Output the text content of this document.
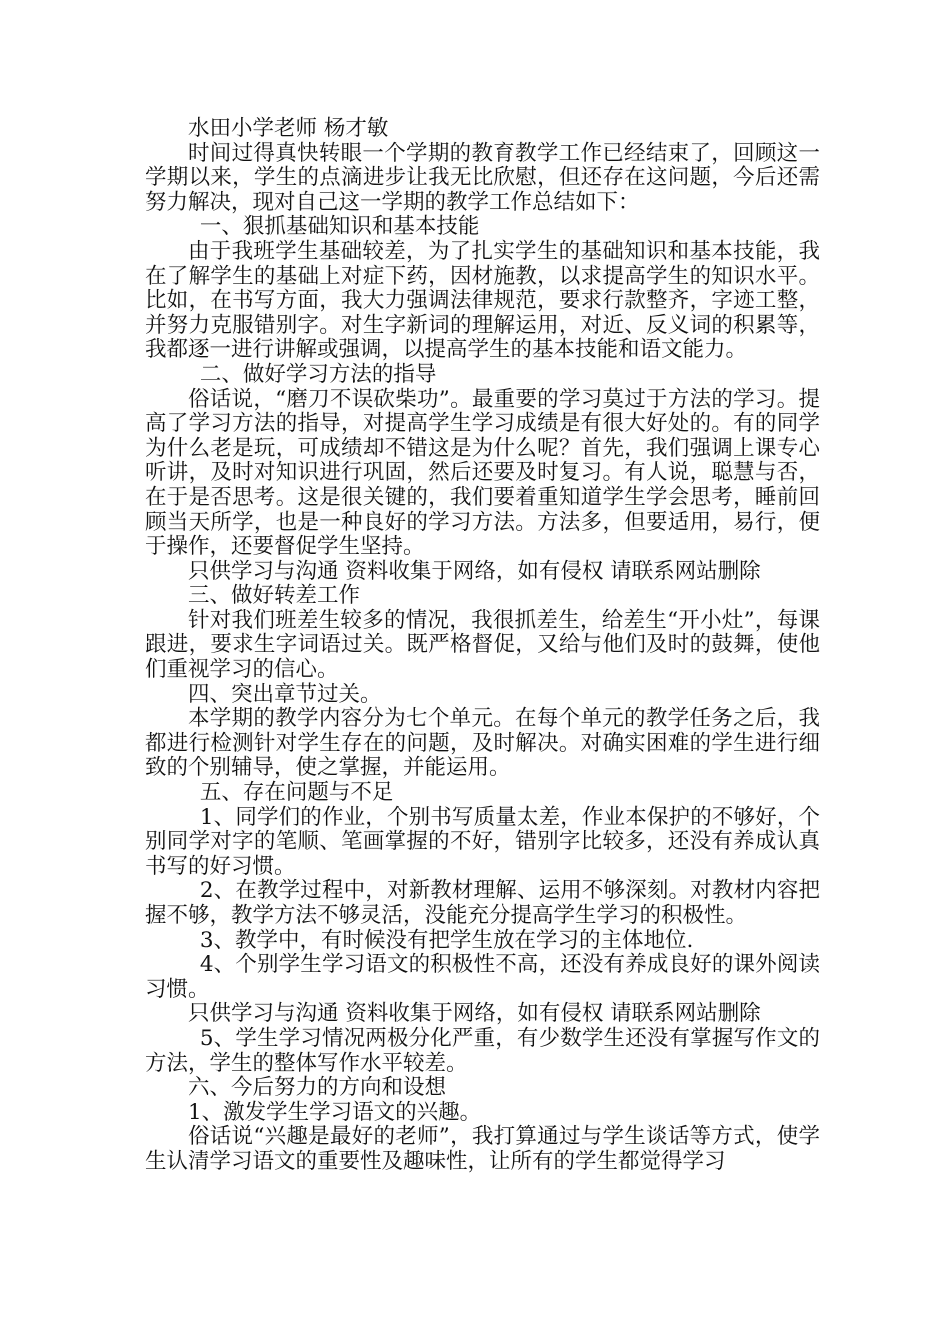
水田小学老师 杨才敏

时间过得真快转眼一个学期的教育教学工作已经结束了，回顾这一学期以来，学生的点滴进步让我无比欣慰，但还存在这问题，今后还需努力解决，现对自己这一学期的教学工作总结如下：

一、狠抓基础知识和基本技能

由于我班学生基础较差，为了扎实学生的基础知识和基本技能，我在了解学生的基础上对症下药，因材施教，以求提高学生的知识水平。比如，在书写方面，我大力强调法律规范，要求行款整齐，字迹工整，并努力克服错别字。对生字新词的理解运用，对近、反义词的积累等，我都逐一进行讲解或强调，以提高学生的基本技能和语文能力。

二、做好学习方法的指导

俗话说，“磨刀不误砍柴功”。最重要的学习莫过于方法的学习。提高了学习方法的指导，对提高学生学习成绩是有很大好处的。有的同学为什么老是玩，可成绩却不错这是为什么呢？首先，我们强调上课专心听讲，及时对知识进行巩固，然后还要及时复习。有人说，聪慧与否，在于是否思考。这是很关键的，我们要着重知道学生学会思考，睡前回顾当天所学，也是一种良好的学习方法。方法多，但要适用，易行，便于操作，还要督促学生坚持。

只供学习与沟通 资料收集于网络，如有侵权 请联系网站删除

三、做好转差工作

针对我们班差生较多的情况，我很抓差生，给差生“开小灶”，每课跟进，要求生字词语过关。既严格督促，又给与他们及时的鼓舞，使他们重视学习的信心。

四、突出章节过关。

本学期的教学内容分为七个单元。在每个单元的教学任务之后，我都进行检测针对学生存在的问题，及时解决。对确实困难的学生进行细致的个别辅导，使之掌握，并能运用。

五、存在问题与不足

1、同学们的作业，个别书写质量太差，作业本保护的不够好，个别同学对字的笔顺、笔画掌握的不好，错别字比较多，还没有养成认真书写的好习惯。

2、在教学过程中，对新教材理解、运用不够深刻。对教材内容把握不够，教学方法不够灵活，没能充分提高学生学习的积极性。

3、教学中，有时候没有把学生放在学习的主体地位.

4、个别学生学习语文的积极性不高，还没有养成良好的课外阅读习惯。

只供学习与沟通 资料收集于网络，如有侵权 请联系网站删除

5、学生学习情况两极分化严重，有少数学生还没有掌握写作文的方法，学生的整体写作水平较差。

六、今后努力的方向和设想

1、激发学生学习语文的兴趣。

俗话说“兴趣是最好的老师”，我打算通过与学生谈话等方式，使学生认清学习语文的重要性及趣味性，让所有的学生都觉得学习
